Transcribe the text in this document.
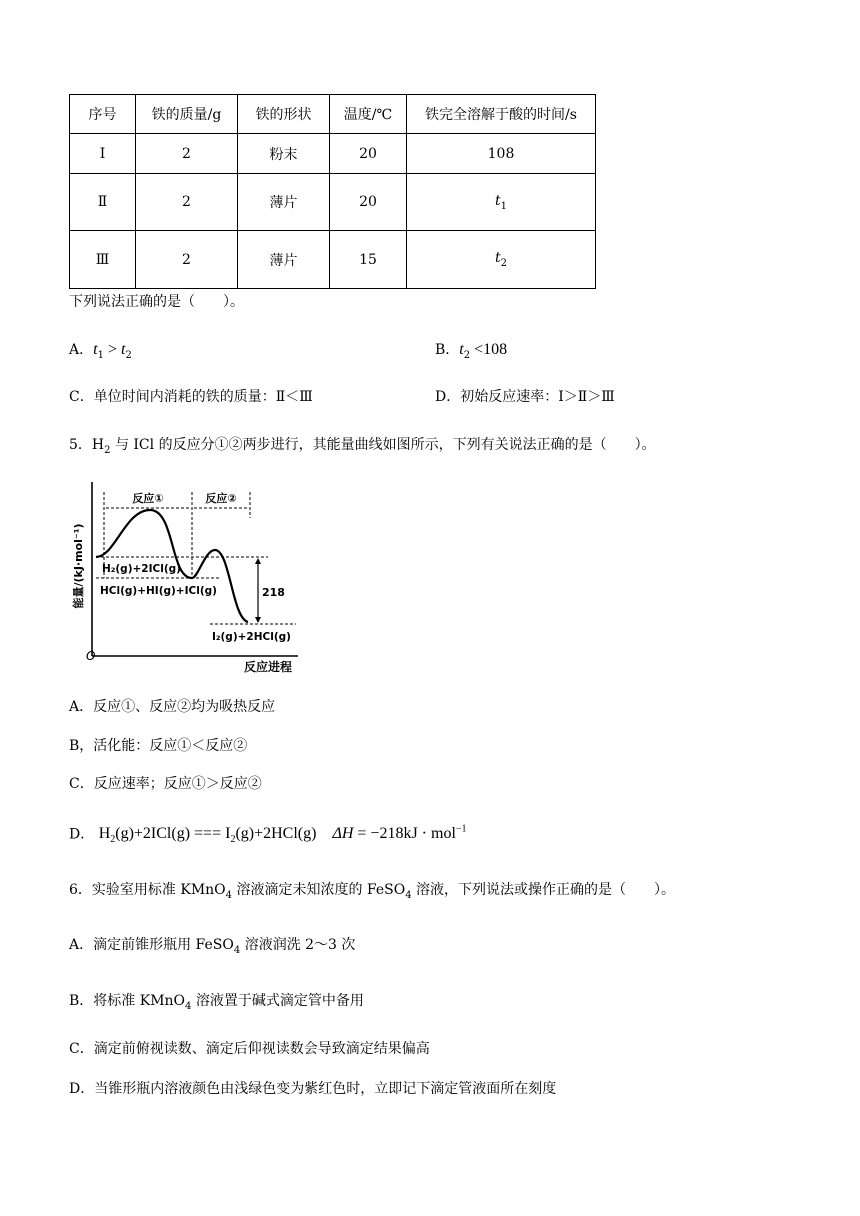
序号	铁的质量/g	铁的形状	温度/℃	铁完全溶解于酸的时间/s
Ⅰ	2	粉末	20	108
Ⅱ	2	薄片	20	$t_1$
Ⅲ	2	薄片	15	$t_2$
下列说法正确的是（　　）。
A．$t_1 > t_2$	B．$t_2 <108$
C．单位时间内消耗的铁的质量：Ⅱ＜Ⅲ	D．初始反应速率：Ⅰ＞Ⅱ＞Ⅲ
5．$H_2$ 与 ICl 的反应分①②两步进行，其能量曲线如图所示，下列有关说法正确的是（　　）。
O
能量/(kJ·mol⁻¹)
反应进程
反应①	反应②
H₂(g)+2ICl(g)
HCl(g)+HI(g)+ICl(g)
I₂(g)+2HCl(g)
218
A．反应①、反应②均为吸热反应
B，活化能：反应①＜反应②
C．反应速率；反应①＞反应②
D． $H_2(g)+2ICl(g)$ === $I_2(g)+2HCl(g) \Delta H = -218kJ \cdot mol^{-1}$
6．实验室用标准 KMnO$_4$ 溶液滴定未知浓度的 FeSO$_4$ 溶液，下列说法或操作正确的是（　　）。
A．滴定前锥形瓶用 FeSO$_4$ 溶液润洗 2～3 次
B．将标准 KMnO$_4$ 溶液置于碱式滴定管中备用
C．滴定前俯视读数、滴定后仰视读数会导致滴定结果偏高
D．当锥形瓶内溶液颜色由浅绿色变为紫红色时，立即记下滴定管液面所在刻度
